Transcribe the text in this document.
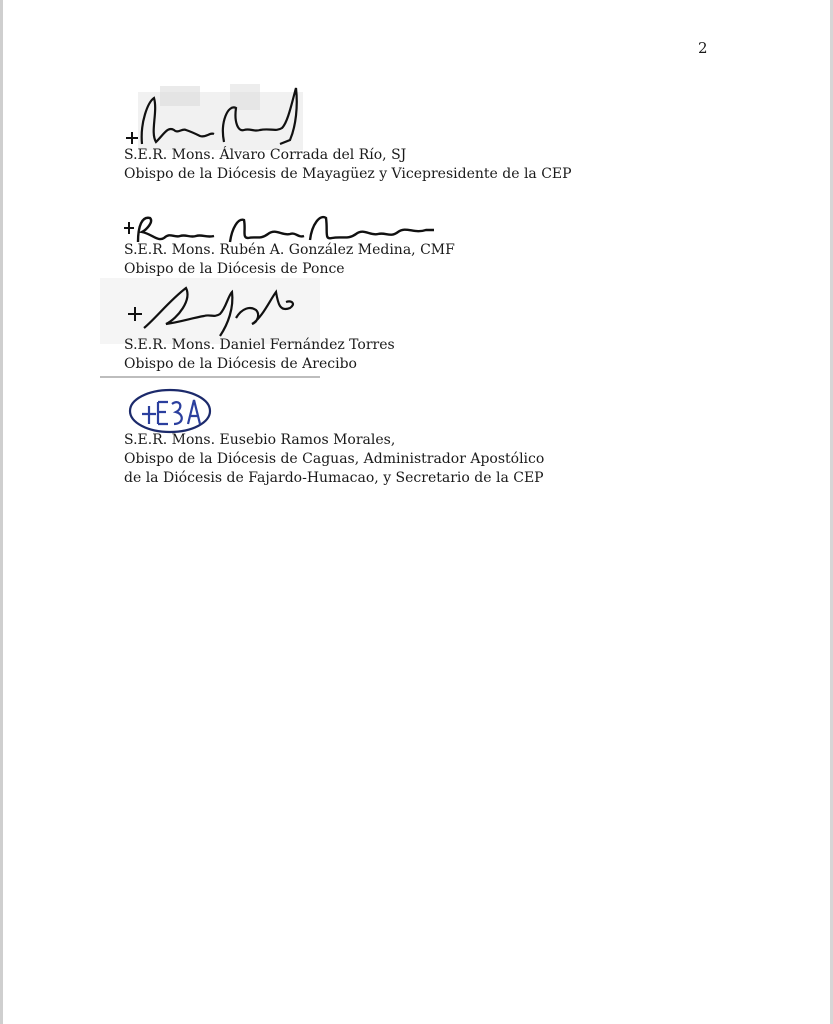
2
S.E.R. Mons. Álvaro Corrada del Río, SJ
Obispo de la Diócesis de Mayagüez y Vicepresidente de la CEP
S.E.R. Mons. Rubén A. González Medina, CMF
Obispo de la Diócesis de Ponce
S.E.R. Mons. Daniel Fernández Torres
Obispo de la Diócesis de Arecibo
S.E.R. Mons. Eusebio Ramos Morales,
Obispo de la Diócesis de Caguas, Administrador Apostólico
de la Diócesis de Fajardo-Humacao, y Secretario de la CEP
